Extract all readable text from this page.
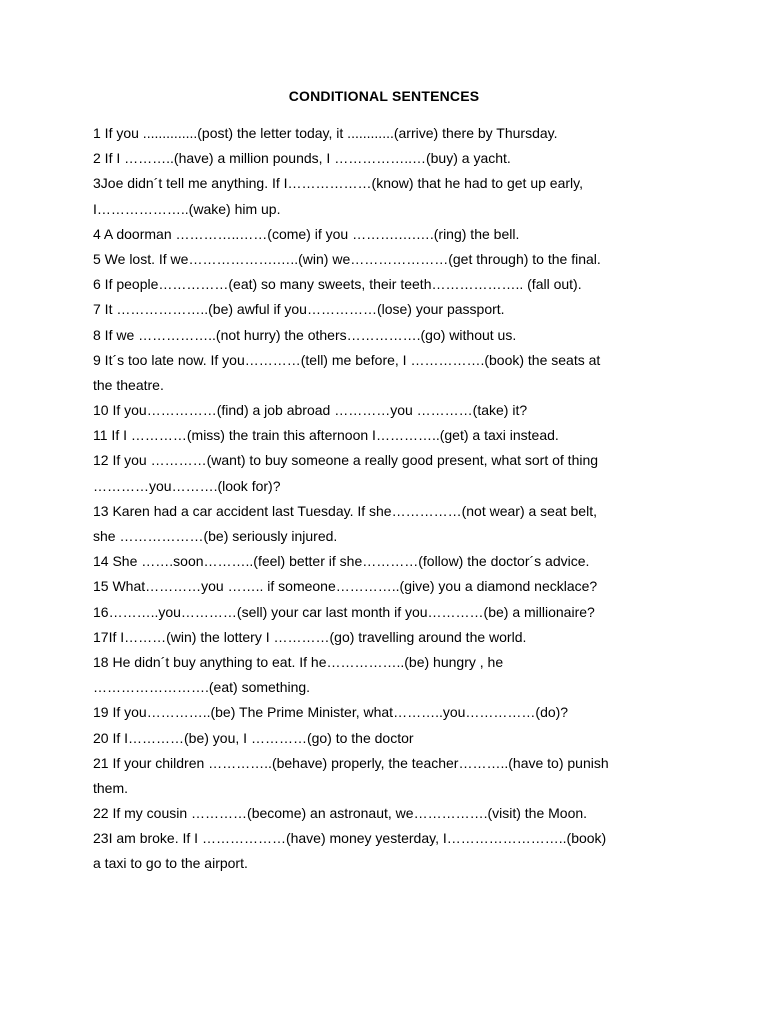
CONDITIONAL SENTENCES
1 If you ..............(post) the letter today, it ............(arrive) there by Thursday.
2 If I ………..(have) a million pounds, I ……………..…(buy) a yacht.
3Joe didn´t tell me anything. If I………………(know) that he had to get up early,
I………………..(wake) him up.
4 A doorman …………..……(come) if you ……….….….(ring) the bell.
5 We lost. If we……………….…..(win) we…………………(get through) to the final.
6 If people……………(eat) so many sweets, their teeth……………….. (fall out).
7 It ………………..(be) awful if you……………(lose) your passport.
8 If we ……………..(not hurry) the others…………….(go) without us.
9 It´s too late now. If you…………(tell) me before, I …………….(book) the seats at
the theatre.
10 If you……………(find) a job abroad …………you …………(take) it?
11 If I …………(miss) the train this afternoon I…………..(get) a taxi instead.
12 If you …………(want) to buy someone a really good present, what sort of thing
…………you……….(look for)?
13 Karen had a car accident last Tuesday. If she……………(not wear) a seat belt,
she ………………(be) seriously injured.
14 She …….soon………..(feel) better if she…………(follow) the doctor´s advice.
15 What…………you …….. if someone…………..(give) you a diamond necklace?
16………..you…………(sell) your car last month if you…………(be) a millionaire?
17If I………(win) the lottery I …………(go) travelling around the world.
18 He didn´t buy anything to eat. If he……………..(be) hungry , he
…………………….(eat) something.
19 If you…………..(be) The Prime Minister, what………..you……………(do)?
20 If I…………(be) you, I …………(go) to the doctor
21 If your children …………..(behave) properly, the teacher………..(have to) punish
them.
22 If my cousin …………(become) an astronaut, we…………….(visit) the Moon.
23I am broke. If I ………………(have) money yesterday, I……………………..(book)
a taxi to go to the airport.
